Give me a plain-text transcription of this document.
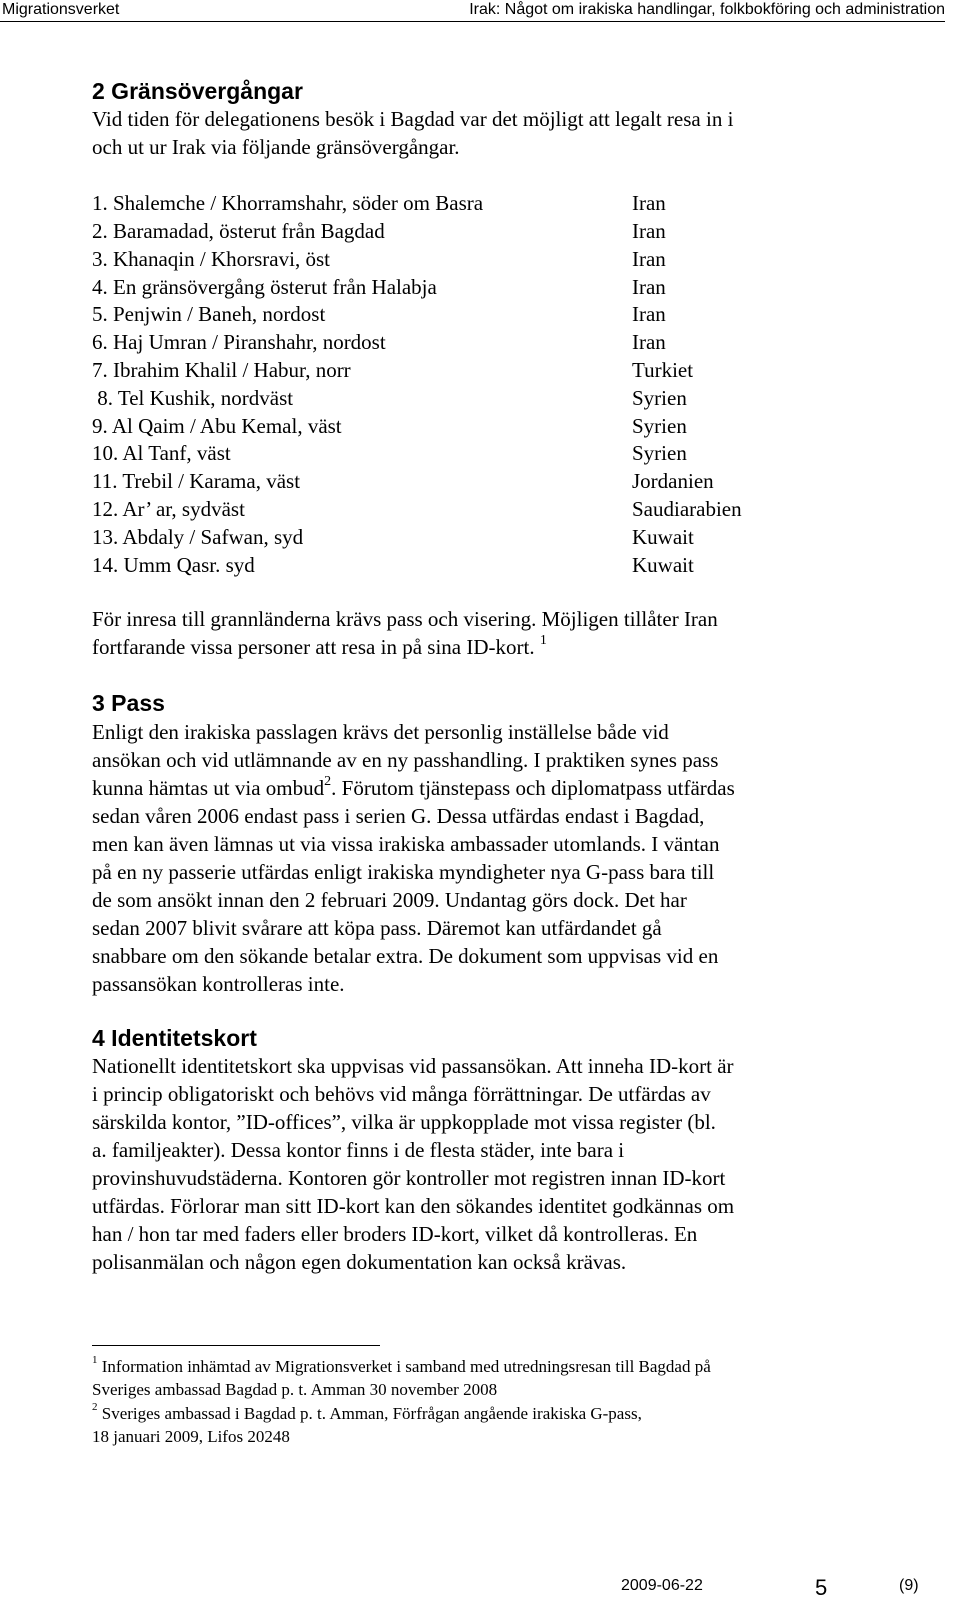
Migrationsverket	Irak: Något om irakiska handlingar, folkbokföring och administration
2 Gränsövergångar
Vid tiden för delegationens besök i Bagdad var det möjligt att legalt resa in i
och ut ur Irak via följande gränsövergångar.
1. Shalemche / Khorramshahr, söder om Basra	Iran
2. Baramadad, österut från Bagdad	Iran
3. Khanaqin / Khorsravi, öst	Iran
4. En gränsövergång österut från Halabja	Iran
5. Penjwin / Baneh, nordost	Iran
6. Haj Umran / Piranshahr, nordost	Iran
7. Ibrahim Khalil / Habur, norr	Turkiet
8. Tel Kushik, nordväst	Syrien
9. Al Qaim / Abu Kemal, väst	Syrien
10. Al Tanf, väst	Syrien
11. Trebil / Karama, väst	Jordanien
12. Ar’ ar, sydväst	Saudiarabien
13. Abdaly / Safwan, syd	Kuwait
14. Umm Qasr. syd	Kuwait
För inresa till grannländerna krävs pass och visering. Möjligen tillåter Iran
fortfarande vissa personer att resa in på sina ID-kort. $^1$
3 Pass
Enligt den irakiska passlagen krävs det personlig inställelse både vid
ansökan och vid utlämnande av en ny passhandling. I praktiken synes pass
kunna hämtas ut via ombud$^2$. Förutom tjänstepass och diplomatpass utfärdas
sedan våren 2006 endast pass i serien G. Dessa utfärdas endast i Bagdad,
men kan även lämnas ut via vissa irakiska ambassader utomlands. I väntan
på en ny passerie utfärdas enligt irakiska myndigheter nya G-pass bara till
de som ansökt innan den 2 februari 2009. Undantag görs dock. Det har
sedan 2007 blivit svårare att köpa pass. Däremot kan utfärdandet gå
snabbare om den sökande betalar extra. De dokument som uppvisas vid en
passansökan kontrolleras inte.
4 Identitetskort
Nationellt identitetskort ska uppvisas vid passansökan. Att inneha ID-kort är
i princip obligatoriskt och behövs vid många förrättningar. De utfärdas av
särskilda kontor, ”ID-offices”, vilka är uppkopplade mot vissa register (bl.
a. familjeakter). Dessa kontor finns i de flesta städer, inte bara i
provinshuvudstäderna. Kontoren gör kontroller mot registren innan ID-kort
utfärdas. Förlorar man sitt ID-kort kan den sökandes identitet godkännas om
han / hon tar med faders eller broders ID-kort, vilket då kontrolleras. En
polisanmälan och någon egen dokumentation kan också krävas.
$^1$ Information inhämtad av Migrationsverket i samband med utredningsresan till Bagdad på
Sveriges ambassad Bagdad p. t. Amman 30 november 2008
$^2$ Sveriges ambassad i Bagdad p. t. Amman, Förfrågan angående irakiska G-pass,
18 januari 2009, Lifos 20248
2009-06-22	5	(9)
